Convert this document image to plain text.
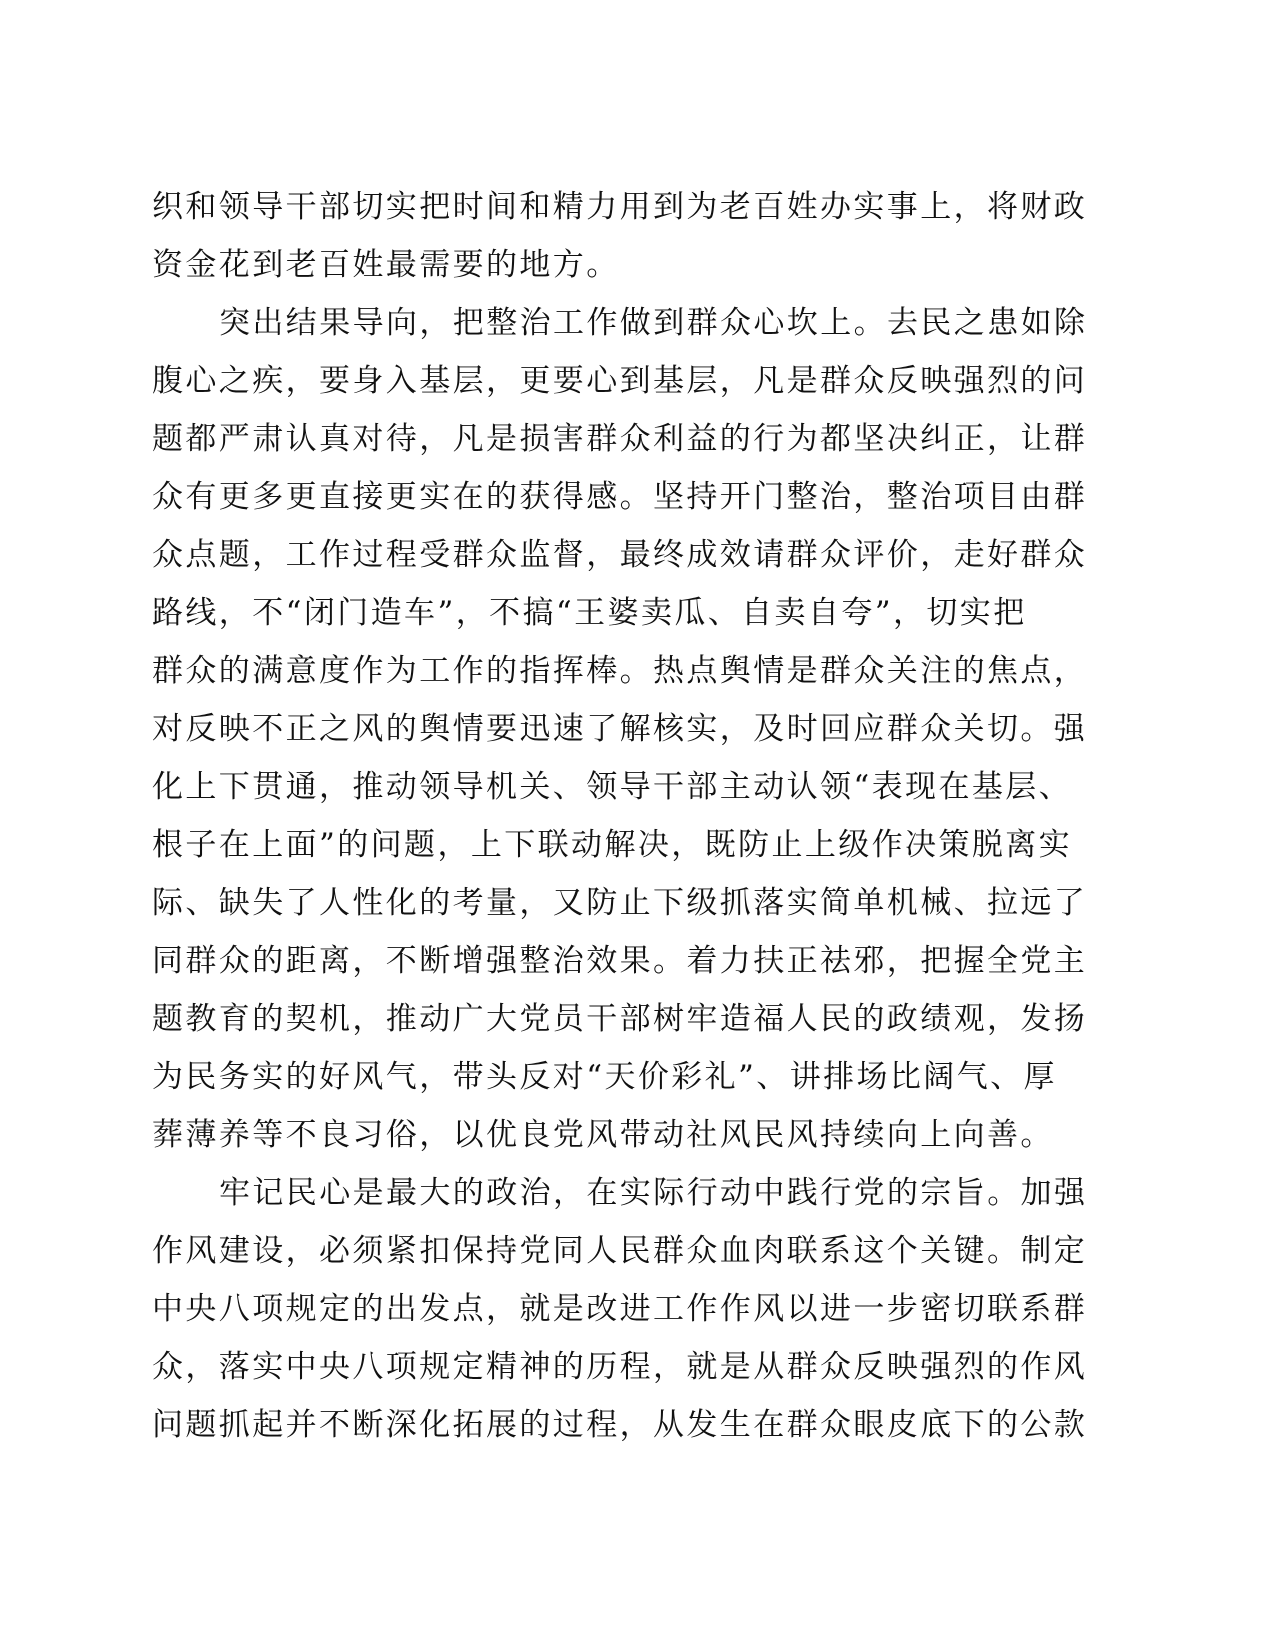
织和领导干部切实把时间和精力用到为老百姓办实事上，将财政
资金花到老百姓最需要的地方。
突出结果导向，把整治工作做到群众心坎上。去民之患如除
腹心之疾，要身入基层，更要心到基层，凡是群众反映强烈的问
题都严肃认真对待，凡是损害群众利益的行为都坚决纠正，让群
众有更多更直接更实在的获得感。坚持开门整治，整治项目由群
众点题，工作过程受群众监督，最终成效请群众评价，走好群众
路线，不“闭门造车”，不搞“王婆卖瓜、自卖自夸”，切实把
群众的满意度作为工作的指挥棒。热点舆情是群众关注的焦点，
对反映不正之风的舆情要迅速了解核实，及时回应群众关切。强
化上下贯通，推动领导机关、领导干部主动认领“表现在基层、
根子在上面”的问题，上下联动解决，既防止上级作决策脱离实
际、缺失了人性化的考量，又防止下级抓落实简单机械、拉远了
同群众的距离，不断增强整治效果。着力扶正祛邪，把握全党主
题教育的契机，推动广大党员干部树牢造福人民的政绩观，发扬
为民务实的好风气，带头反对“天价彩礼”、讲排场比阔气、厚
葬薄养等不良习俗，以优良党风带动社风民风持续向上向善。
牢记民心是最大的政治，在实际行动中践行党的宗旨。加强
作风建设，必须紧扣保持党同人民群众血肉联系这个关键。制定
中央八项规定的出发点，就是改进工作作风以进一步密切联系群
众，落实中央八项规定精神的历程，就是从群众反映强烈的作风
问题抓起并不断深化拓展的过程，从发生在群众眼皮底下的公款
